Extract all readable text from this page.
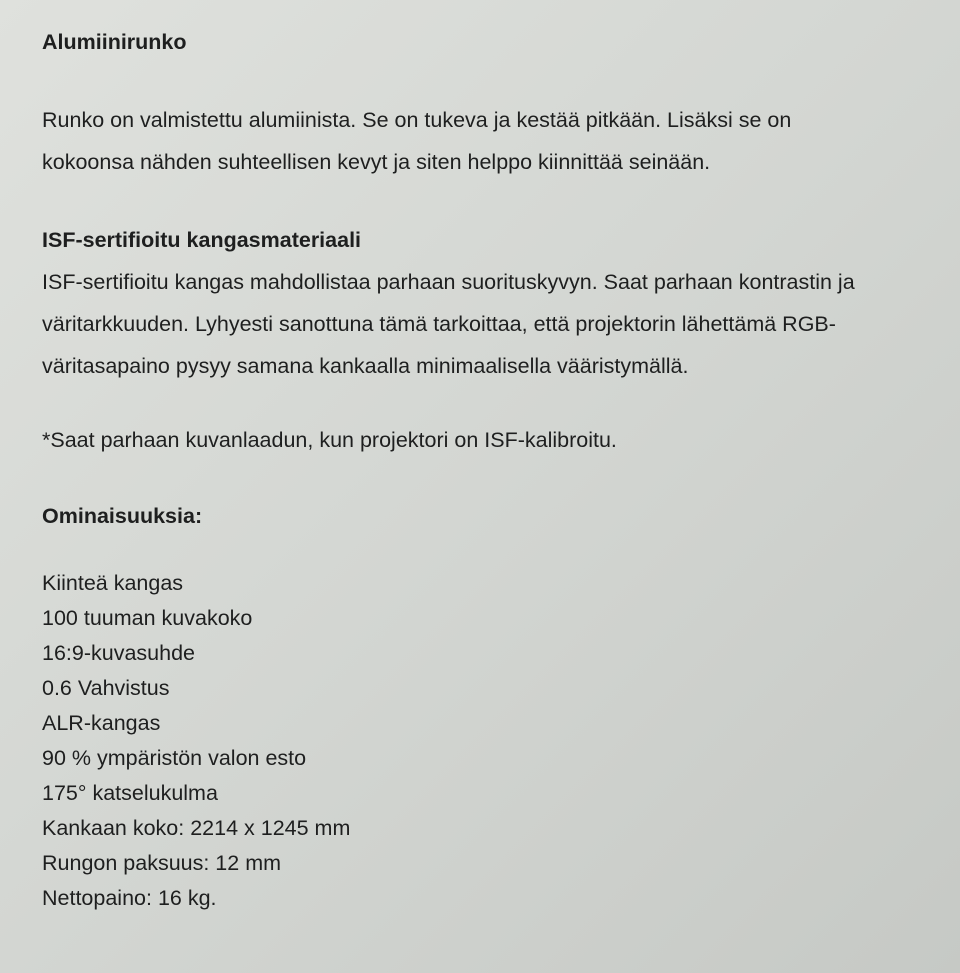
Alumiinirunko
Runko on valmistettu alumiinista. Se on tukeva ja kestää pitkään. Lisäksi se on
kokoonsa nähden suhteellisen kevyt ja siten helppo kiinnittää seinään.
ISF-sertifioitu kangasmateriaali
ISF-sertifioitu kangas mahdollistaa parhaan suorituskyvyn. Saat parhaan kontrastin ja
väritarkkuuden. Lyhyesti sanottuna tämä tarkoittaa, että projektorin lähettämä RGB-
väritasapaino pysyy samana kankaalla minimaalisella vääristymällä.
*Saat parhaan kuvanlaadun, kun projektori on ISF-kalibroitu.
Ominaisuuksia:
Kiinteä kangas
100 tuuman kuvakoko
16:9-kuvasuhde
0.6 Vahvistus
ALR-kangas
90 % ympäristön valon esto
175° katselukulma
Kankaan koko: 2214 x 1245 mm
Rungon paksuus: 12 mm
Nettopaino: 16 kg.
